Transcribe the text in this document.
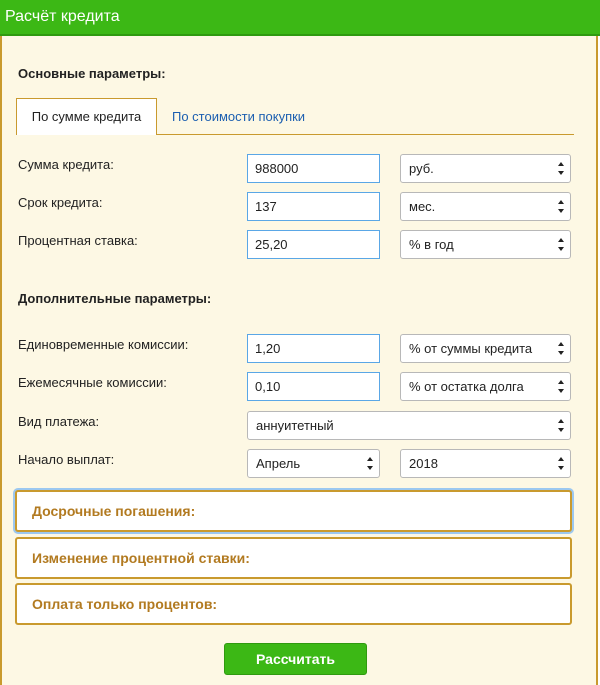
Расчёт кредита
Основные параметры:
По сумме кредита	По стоимости покупки
Сумма кредита:	988000	руб.
Срок кредита:	137	мес.
Процентная ставка:	25,20	% в год
Дополнительные параметры:
Единовременные комиссии:	1,20	% от суммы кредита
Ежемесячные комиссии:	0,10	% от остатка долга
Вид платежа:	аннуитетный
Начало выплат:	Апрель	2018
Досрочные погашения:
Изменение процентной ставки:
Оплата только процентов:
Рассчитать
